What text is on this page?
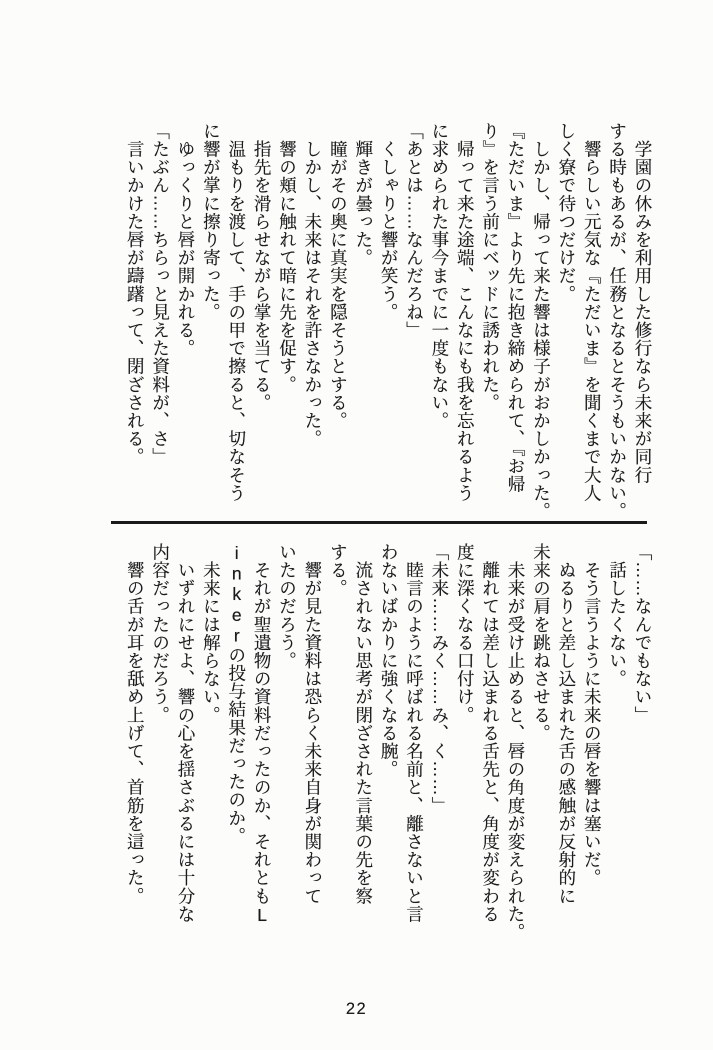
　学園の休みを利用した修行なら未来が同行
する時もあるが、任務となるとそうもいかない。
　響らしい元気な『ただいま』を聞くまで大人
しく寮で待つだけだ。
　しかし、帰って来た響は様子がおかしかった。
『ただいま』より先に抱き締められて、『お帰
り』を言う前にベッドに誘われた。
　帰って来た途端、こんなにも我を忘れるよう
に求められた事今までに一度もない。
「あとは……なんだろね」
　くしゃりと響が笑う。
　輝きが曇った。
　瞳がその奥に真実を隠そうとする。
　しかし、未来はそれを許さなかった。
　響の頬に触れて暗に先を促す。
　指先を滑らせながら掌を当てる。
　温もりを渡して、手の甲で擦ると、切なそう
に響が掌に擦り寄った。
　ゆっくりと唇が開かれる。
「たぶん……ちらっと見えた資料が、さ」
　言いかけた唇が躊躇って、閉ざされる。
「……なんでもない」
　話したくない。
　そう言うように未来の唇を響は塞いだ。
　ぬるりと差し込まれた舌の感触が反射的に
未来の肩を跳ねさせる。
　未来が受け止めると、唇の角度が変えられた。
　離れては差し込まれる舌先と、角度が変わる
度に深くなる口付け。
「未来……みく……み、く……」
　睦言のように呼ばれる名前と、離さないと言
わないばかりに強くなる腕。
　流されない思考が閉ざされた言葉の先を察
する。
　響が見た資料は恐らく未来自身が関わって
いたのだろう。
　それが聖遺物の資料だったのか、それともL
inkerの投与結果だったのか。
　未来には解らない。
　いずれにせよ、響の心を揺さぶるには十分な
内容だったのだろう。
　響の舌が耳を舐め上げて、首筋を這った。
22
